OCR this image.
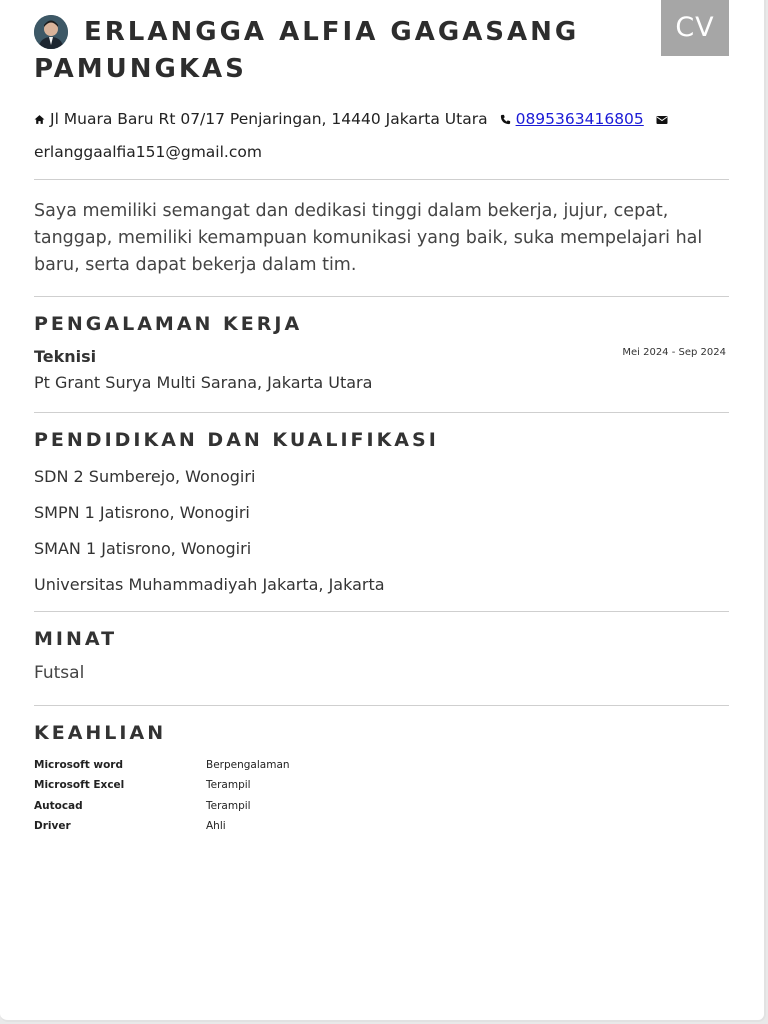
CV
ERLANGGA ALFIA GAGASANG PAMUNGKAS
Jl Muara Baru Rt 07/17 Penjaringan, 14440 Jakarta Utara 0895363416805
erlanggaalfia151@gmail.com
Saya memiliki semangat dan dedikasi tinggi dalam bekerja, jujur, cepat, tanggap, memiliki kemampuan komunikasi yang baik, suka mempelajari hal baru, serta dapat bekerja dalam tim.
PENGALAMAN KERJA
Teknisi	Mei 2024 - Sep 2024
Pt Grant Surya Multi Sarana, Jakarta Utara
PENDIDIKAN DAN KUALIFIKASI
SDN 2 Sumberejo, Wonogiri
SMPN 1 Jatisrono, Wonogiri
SMAN 1 Jatisrono, Wonogiri
Universitas Muhammadiyah Jakarta, Jakarta
MINAT
Futsal
KEAHLIAN
Microsoft word	Berpengalaman
Microsoft Excel	Terampil
Autocad	Terampil
Driver	Ahli
